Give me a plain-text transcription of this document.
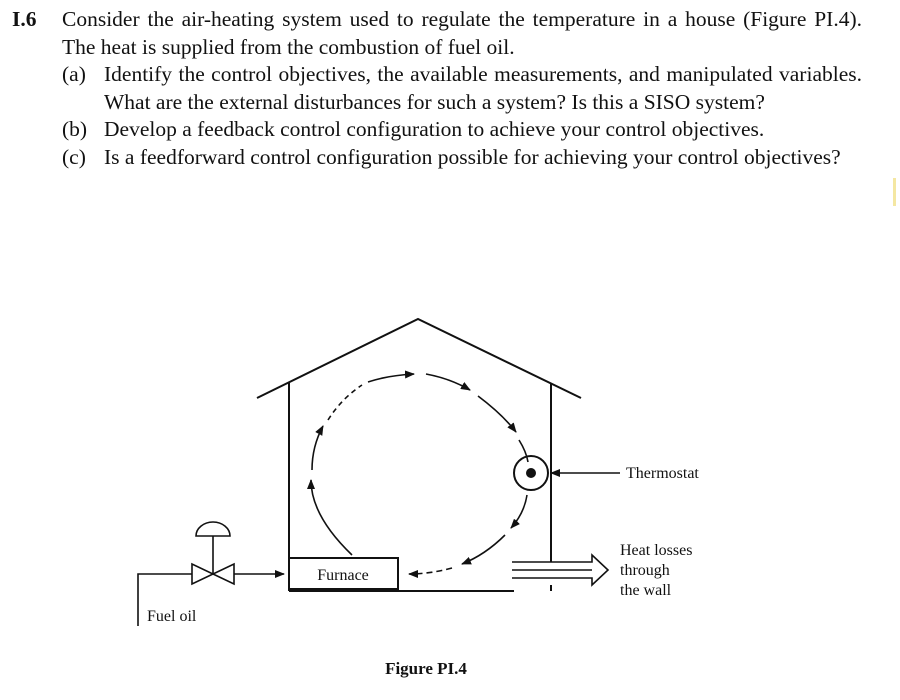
I.6	Consider the air-heating system used to regulate the temperature in a house (Figure PI.4). The heat is supplied from the combustion of fuel oil.
(a) Identify the control objectives, the available measurements, and manipulated variables. What are the external disturbances for such a system? Is this a SISO system?
(b) Develop a feedback control configuration to achieve your control objectives.
(c) Is a feedforward control configuration possible for achieving your control objectives?
Thermostat
Furnace
Heat losses through the wall
Fuel oil
Figure PI.4
